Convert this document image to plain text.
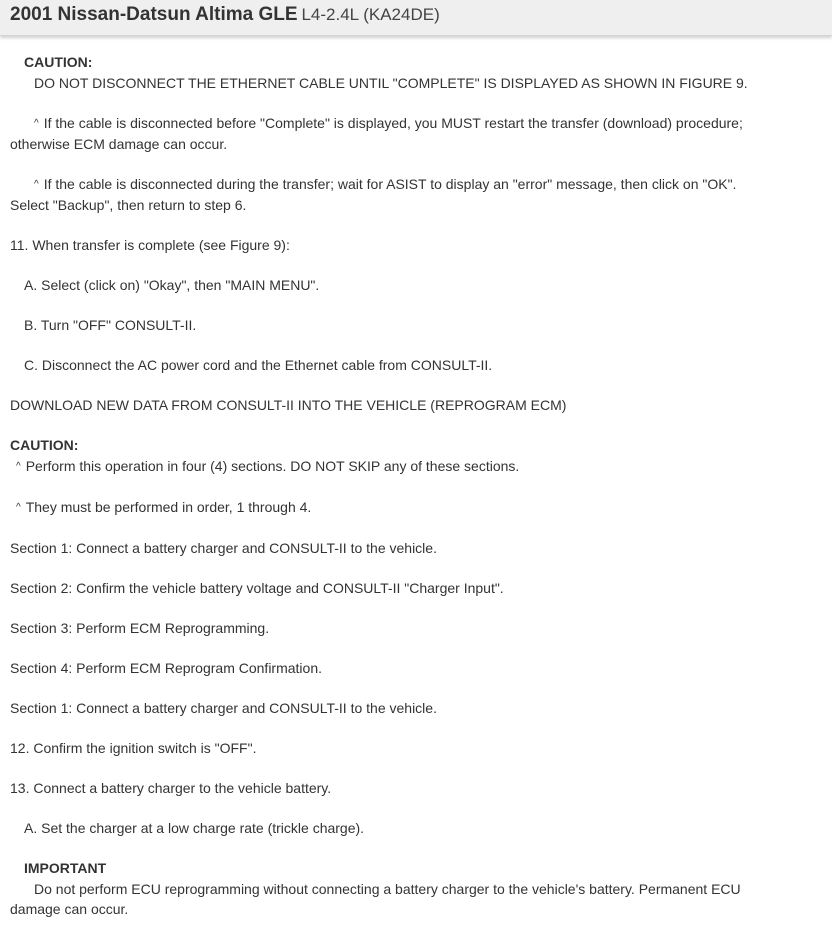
2001 Nissan-Datsun Altima GLE L4-2.4L (KA24DE)
CAUTION:
DO NOT DISCONNECT THE ETHERNET CABLE UNTIL "COMPLETE" IS DISPLAYED AS SHOWN IN FIGURE 9.
^ If the cable is disconnected before "Complete" is displayed, you MUST restart the transfer (download) procedure;
otherwise ECM damage can occur.
^ If the cable is disconnected during the transfer; wait for ASIST to display an "error" message, then click on "OK".
Select "Backup", then return to step 6.
11. When transfer is complete (see Figure 9):
A. Select (click on) "Okay", then "MAIN MENU".
B. Turn "OFF" CONSULT-II.
C. Disconnect the AC power cord and the Ethernet cable from CONSULT-II.
DOWNLOAD NEW DATA FROM CONSULT-II INTO THE VEHICLE (REPROGRAM ECM)
CAUTION:
^ Perform this operation in four (4) sections. DO NOT SKIP any of these sections.
^ They must be performed in order, 1 through 4.
Section 1: Connect a battery charger and CONSULT-II to the vehicle.
Section 2: Confirm the vehicle battery voltage and CONSULT-II "Charger Input".
Section 3: Perform ECM Reprogramming.
Section 4: Perform ECM Reprogram Confirmation.
Section 1: Connect a battery charger and CONSULT-II to the vehicle.
12. Confirm the ignition switch is "OFF".
13. Connect a battery charger to the vehicle battery.
A. Set the charger at a low charge rate (trickle charge).
IMPORTANT
Do not perform ECU reprogramming without connecting a battery charger to the vehicle's battery. Permanent ECU
damage can occur.
